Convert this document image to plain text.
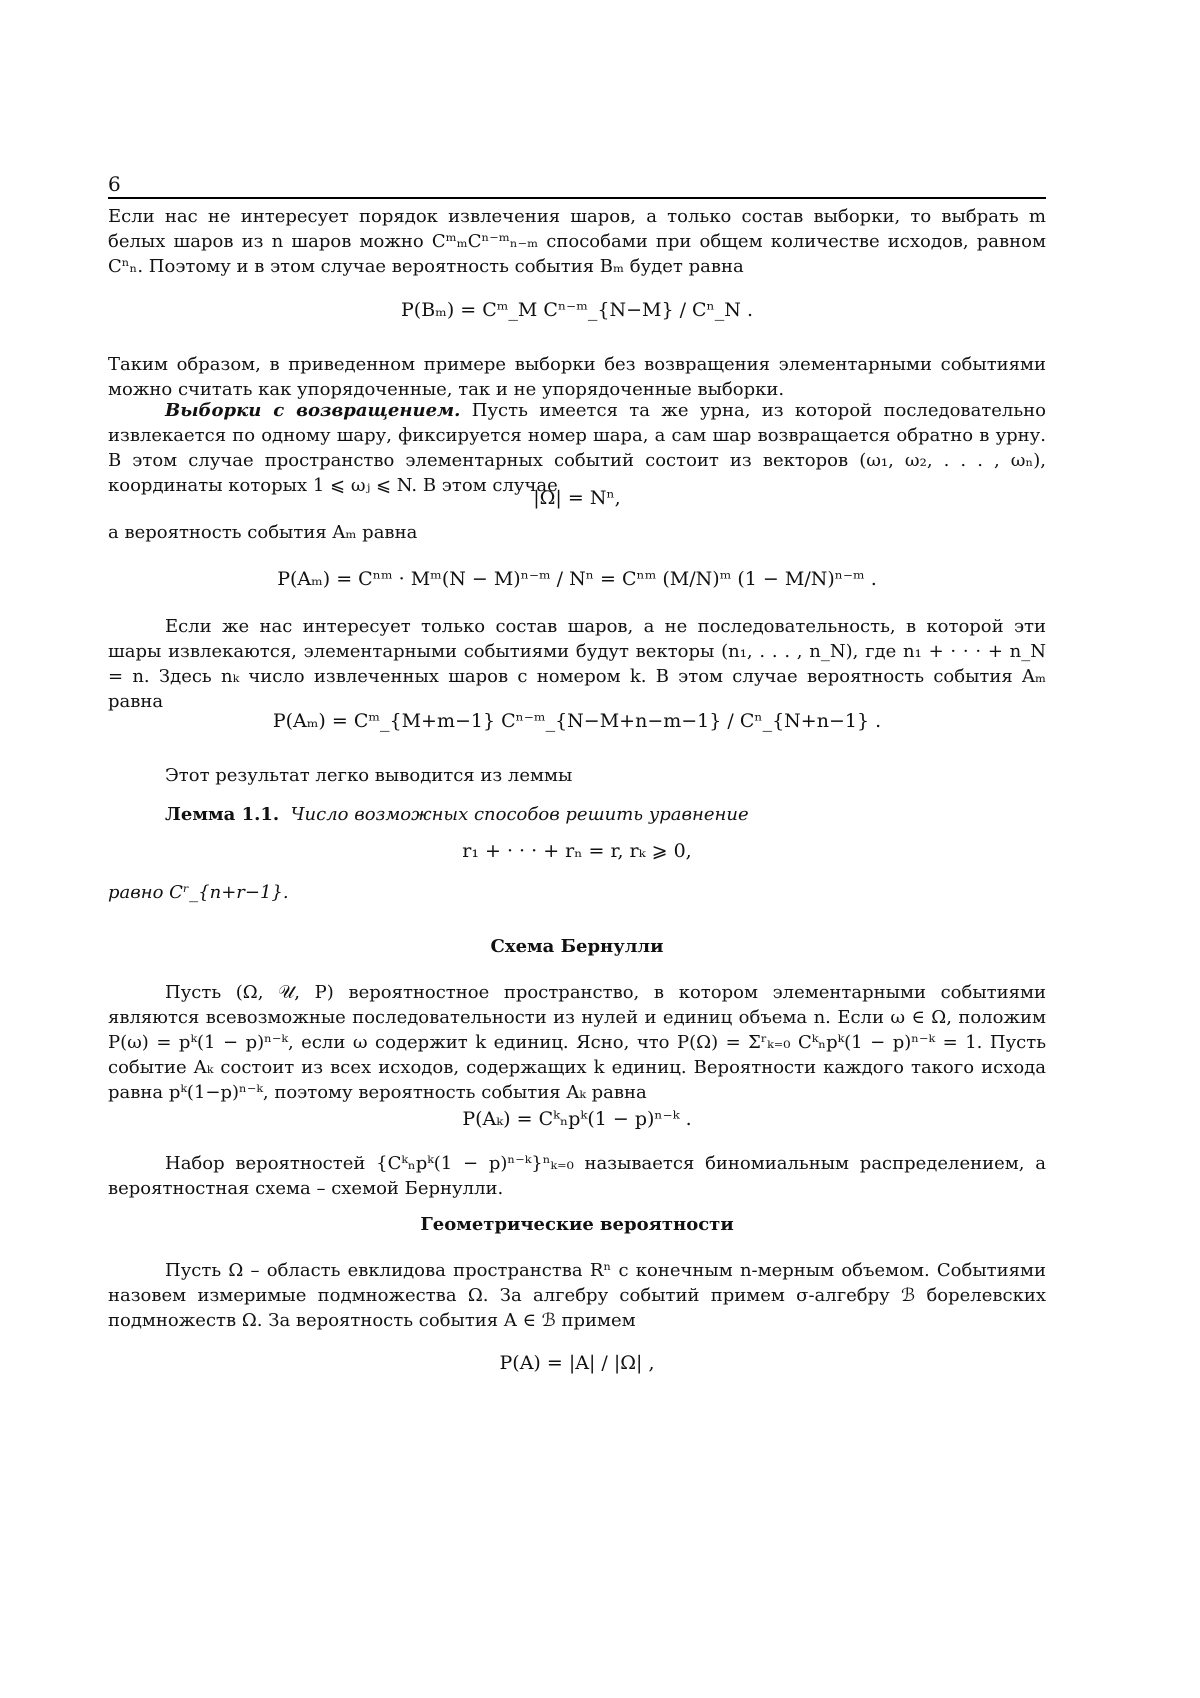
6
Если нас не интересует порядок извлечения шаров, а только состав выборки, то выбрать m белых шаров из n шаров можно CᵐₘCⁿ⁻ᵐₙ₋ₘ способами при общем количестве исходов, равном Cⁿₙ. Поэтому и в этом случае вероятность события Bₘ будет равна
P(Bₘ) = Cᵐ_M Cⁿ⁻ᵐ_{N−M} / Cⁿ_N .
Таким образом, в приведенном примере выборки без возвращения элементарными событиями можно считать как упорядоченные, так и не упорядоченные выборки.
Выборки с возвращением. Пусть имеется та же урна, из которой последовательно извлекается по одному шару, фиксируется номер шара, а сам шар возвращается обратно в урну. В этом случае пространство элементарных событий состоит из векторов (ω₁, ω₂, . . . , ωₙ), координаты которых 1 ⩽ ωⱼ ⩽ N. В этом случае
|Ω| = Nⁿ,
а вероятность события Aₘ равна
P(Aₘ) = Cⁿᵐ · Mᵐ(N − M)ⁿ⁻ᵐ / Nⁿ = Cⁿᵐ (M/N)ᵐ (1 − M/N)ⁿ⁻ᵐ .
Если же нас интересует только состав шаров, а не последовательность, в которой эти шары извлекаются, элементарными событиями будут векторы (n₁, . . . , n_N), где n₁ + · · · + n_N = n. Здесь nₖ число извлеченных шаров с номером k. В этом случае вероятность события Aₘ равна
P(Aₘ) = Cᵐ_{M+m−1} Cⁿ⁻ᵐ_{N−M+n−m−1} / Cⁿ_{N+n−1} .
Этот результат легко выводится из леммы
Лемма 1.1. Число возможных способов решить уравнение
r₁ + · · · + rₙ = r, rₖ ⩾ 0,
равно Cʳ_{n+r−1}.
Схема Бернулли
Пусть (Ω, 𝒰, P) вероятностное пространство, в котором элементарными событиями являются всевозможные последовательности из нулей и единиц объема n. Если ω ∈ Ω, положим P(ω) = pᵏ(1 − p)ⁿ⁻ᵏ, если ω содержит k единиц. Ясно, что P(Ω) = Σʳₖ₌₀ Cᵏₙpᵏ(1 − p)ⁿ⁻ᵏ = 1. Пусть событие Aₖ состоит из всех исходов, содержащих k единиц. Вероятности каждого такого исхода равна pᵏ(1−p)ⁿ⁻ᵏ, поэтому вероятность события Aₖ равна
P(Aₖ) = Cᵏₙpᵏ(1 − p)ⁿ⁻ᵏ .
Набор вероятностей {Cᵏₙpᵏ(1 − p)ⁿ⁻ᵏ}ⁿₖ₌₀ называется биномиальным распределением, а вероятностная схема – схемой Бернулли.
Геометрические вероятности
Пусть Ω – область евклидова пространства Rⁿ с конечным n-мерным объемом. Событиями назовем измеримые подмножества Ω. За алгебру событий примем σ-алгебру ℬ борелевских подмножеств Ω. За вероятность события A ∈ ℬ примем
P(A) = |A| / |Ω| ,
